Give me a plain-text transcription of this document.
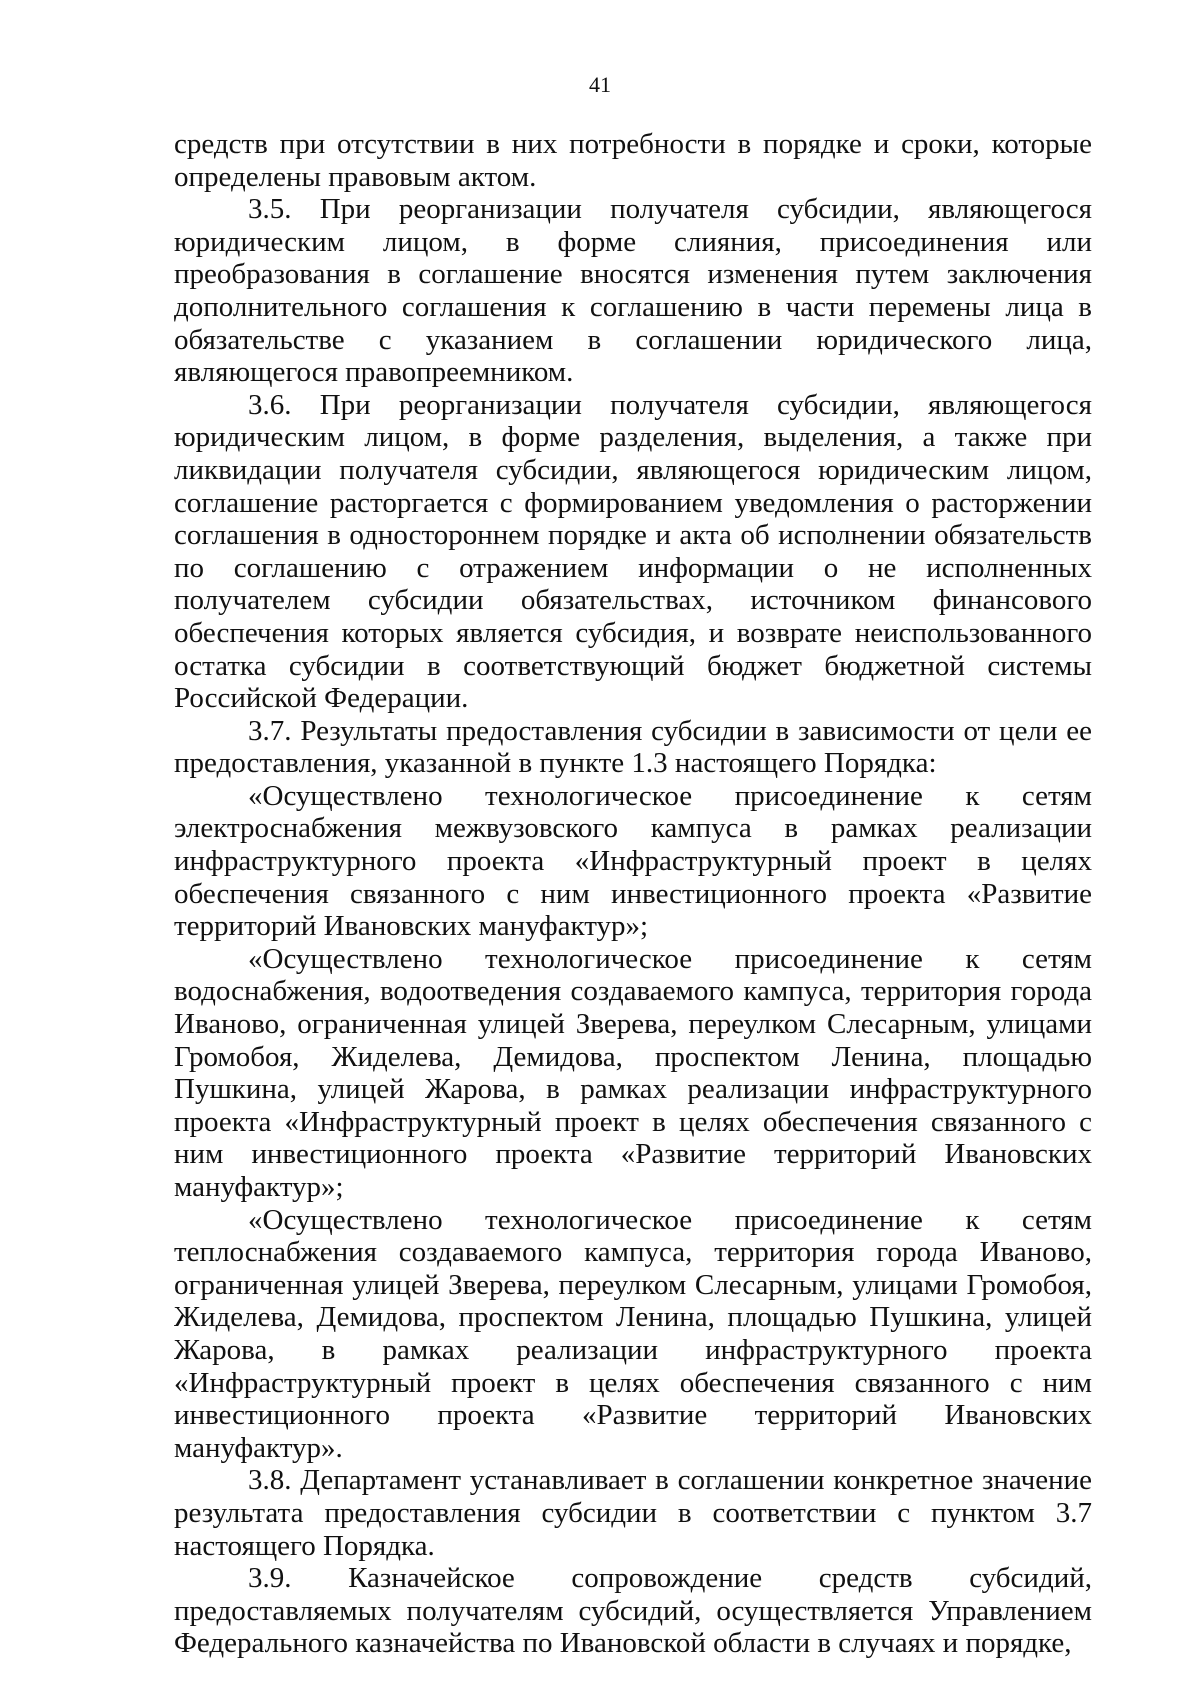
41

средств при отсутствии в них потребности в порядке и сроки, которые определены правовым актом.

3.5. При реорганизации получателя субсидии, являющегося юридическим лицом, в форме слияния, присоединения или преобразования в соглашение вносятся изменения путем заключения дополнительного соглашения к соглашению в части перемены лица в обязательстве с указанием в соглашении юридического лица, являющегося правопреемником.

3.6. При реорганизации получателя субсидии, являющегося юридическим лицом, в форме разделения, выделения, а также при ликвидации получателя субсидии, являющегося юридическим лицом, соглашение расторгается с формированием уведомления о расторжении соглашения в одностороннем порядке и акта об исполнении обязательств по соглашению с отражением информации о не исполненных получателем субсидии обязательствах, источником финансового обеспечения которых является субсидия, и возврате неиспользованного остатка субсидии в соответствующий бюджет бюджетной системы Российской Федерации.

3.7. Результаты предоставления субсидии в зависимости от цели ее предоставления, указанной в пункте 1.3 настоящего Порядка:

«Осуществлено технологическое присоединение к сетям электроснабжения межвузовского кампуса в рамках реализации инфраструктурного проекта «Инфраструктурный проект в целях обеспечения связанного с ним инвестиционного проекта «Развитие территорий Ивановских мануфактур»;

«Осуществлено технологическое присоединение к сетям водоснабжения, водоотведения создаваемого кампуса, территория города Иваново, ограниченная улицей Зверева, переулком Слесарным, улицами Громобоя, Жиделева, Демидова, проспектом Ленина, площадью Пушкина, улицей Жарова, в рамках реализации инфраструктурного проекта «Инфраструктурный проект в целях обеспечения связанного с ним инвестиционного проекта «Развитие территорий Ивановских мануфактур»;

«Осуществлено технологическое присоединение к сетям теплоснабжения создаваемого кампуса, территория города Иваново, ограниченная улицей Зверева, переулком Слесарным, улицами Громобоя, Жиделева, Демидова, проспектом Ленина, площадью Пушкина, улицей Жарова, в рамках реализации инфраструктурного проекта «Инфраструктурный проект в целях обеспечения связанного с ним инвестиционного проекта «Развитие территорий Ивановских мануфактур».

3.8. Департамент устанавливает в соглашении конкретное значение результата предоставления субсидии в соответствии с пунктом 3.7 настоящего Порядка.

3.9. Казначейское сопровождение средств субсидий, предоставляемых получателям субсидий, осуществляется Управлением Федерального казначейства по Ивановской области в случаях и порядке,
